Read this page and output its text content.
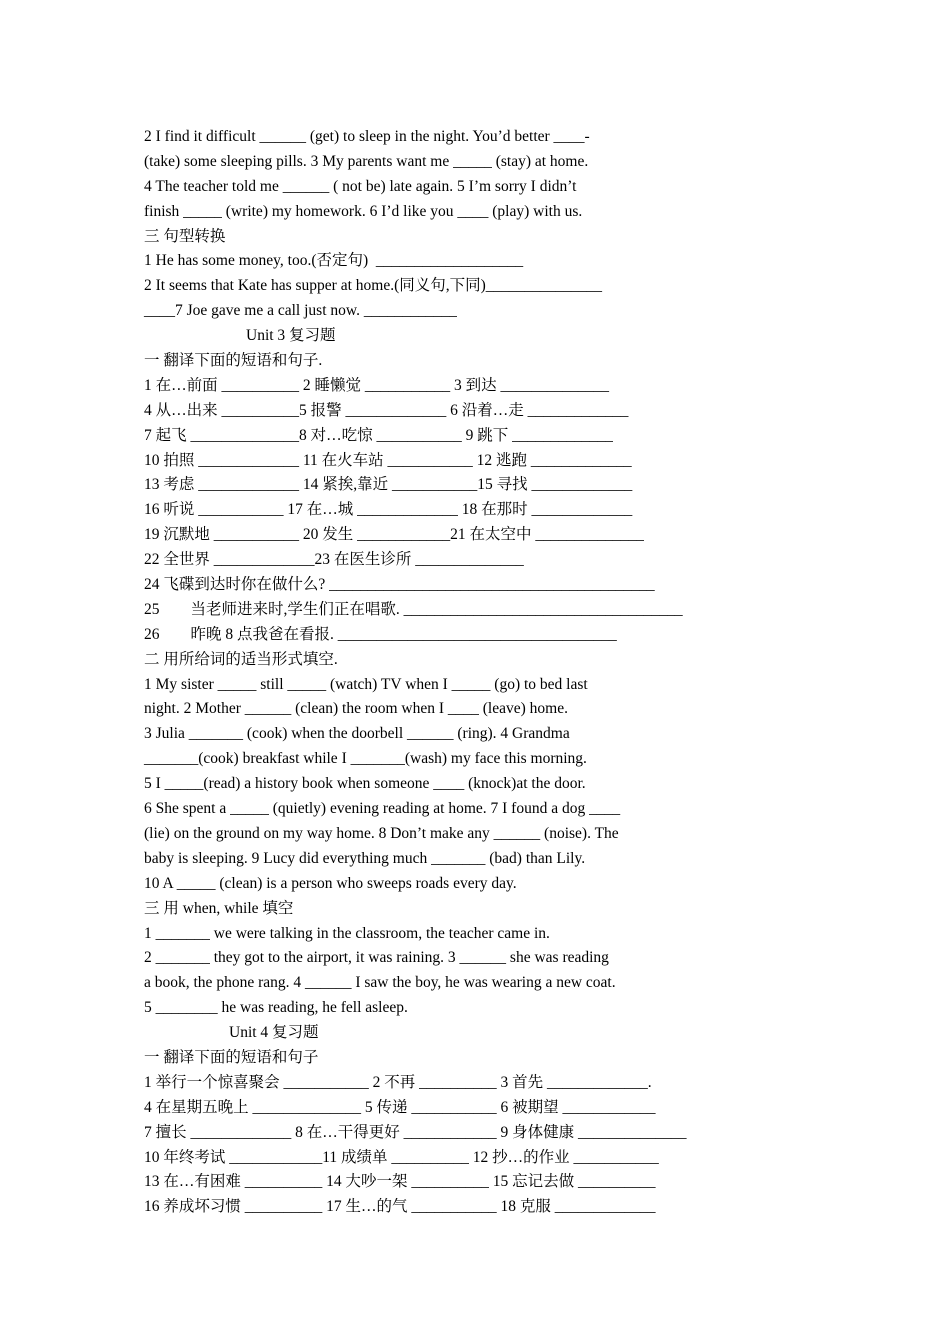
2 I find it difficult ______ (get) to sleep in the night. You’d better ____-
(take) some sleeping pills. 3 My parents want me _____ (stay) at home.
4 The teacher told me ______ ( not be) late again. 5 I’m sorry I didn’t
finish _____ (write) my homework. 6 I’d like you ____ (play) with us.
三 句型转换
1 He has some money, too.(否定句)  ___________________
2 It seems that Kate has supper at home.(同义句,下同)_______________
____7 Joe gave me a call just now. ____________
Unit 3 复习题
一 翻译下面的短语和句子.
1 在…前面 __________ 2 睡懒觉 ___________ 3 到达 ______________
4 从…出来 __________5 报警 _____________ 6 沿着…走 _____________
7 起飞 ______________8 对…吃惊 ___________ 9 跳下 _____________
10 拍照 _____________ 11 在火车站 ___________ 12 逃跑 _____________
13 考虑 _____________ 14 紧挨,靠近 ___________15 寻找 _____________
16 听说 ___________ 17 在…城 _____________ 18 在那时 _____________
19 沉默地 ___________ 20 发生 ____________21 在太空中 ______________
22 全世界 _____________23 在医生诊所 ______________
24 飞碟到达时你在做什么? __________________________________________
25        当老师进来时,学生们正在唱歌. ____________________________________
26        昨晚 8 点我爸在看报. ____________________________________
二 用所给词的适当形式填空.
1 My sister _____ still _____ (watch) TV when I _____ (go) to bed last
night. 2 Mother ______ (clean) the room when I ____ (leave) home.
3 Julia _______ (cook) when the doorbell ______ (ring). 4 Grandma
_______(cook) breakfast while I _______(wash) my face this morning.
5 I _____(read) a history book when someone ____ (knock)at the door.
6 She spent a _____ (quietly) evening reading at home. 7 I found a dog ____
(lie) on the ground on my way home. 8 Don’t make any ______ (noise). The
baby is sleeping. 9 Lucy did everything much _______ (bad) than Lily.
10 A _____ (clean) is a person who sweeps roads every day.
三 用 when, while 填空
1 _______ we were talking in the classroom, the teacher came in.
2 _______ they got to the airport, it was raining. 3 ______ she was reading
a book, the phone rang. 4 ______ I saw the boy, he was wearing a new coat.
5 ________ he was reading, he fell asleep.
Unit 4 复习题
一 翻译下面的短语和句子
1 举行一个惊喜聚会 ___________ 2 不再 __________ 3 首先 _____________.
4 在星期五晚上 ______________ 5 传递 ___________ 6 被期望 ____________
7 擅长 _____________ 8 在…干得更好 ____________ 9 身体健康 ______________
10 年终考试 ____________11 成绩单 __________ 12 抄…的作业 ___________
13 在…有困难 __________ 14 大吵一架 __________ 15 忘记去做 __________
16 养成坏习惯 __________ 17 生…的气 ___________ 18 克服 _____________
